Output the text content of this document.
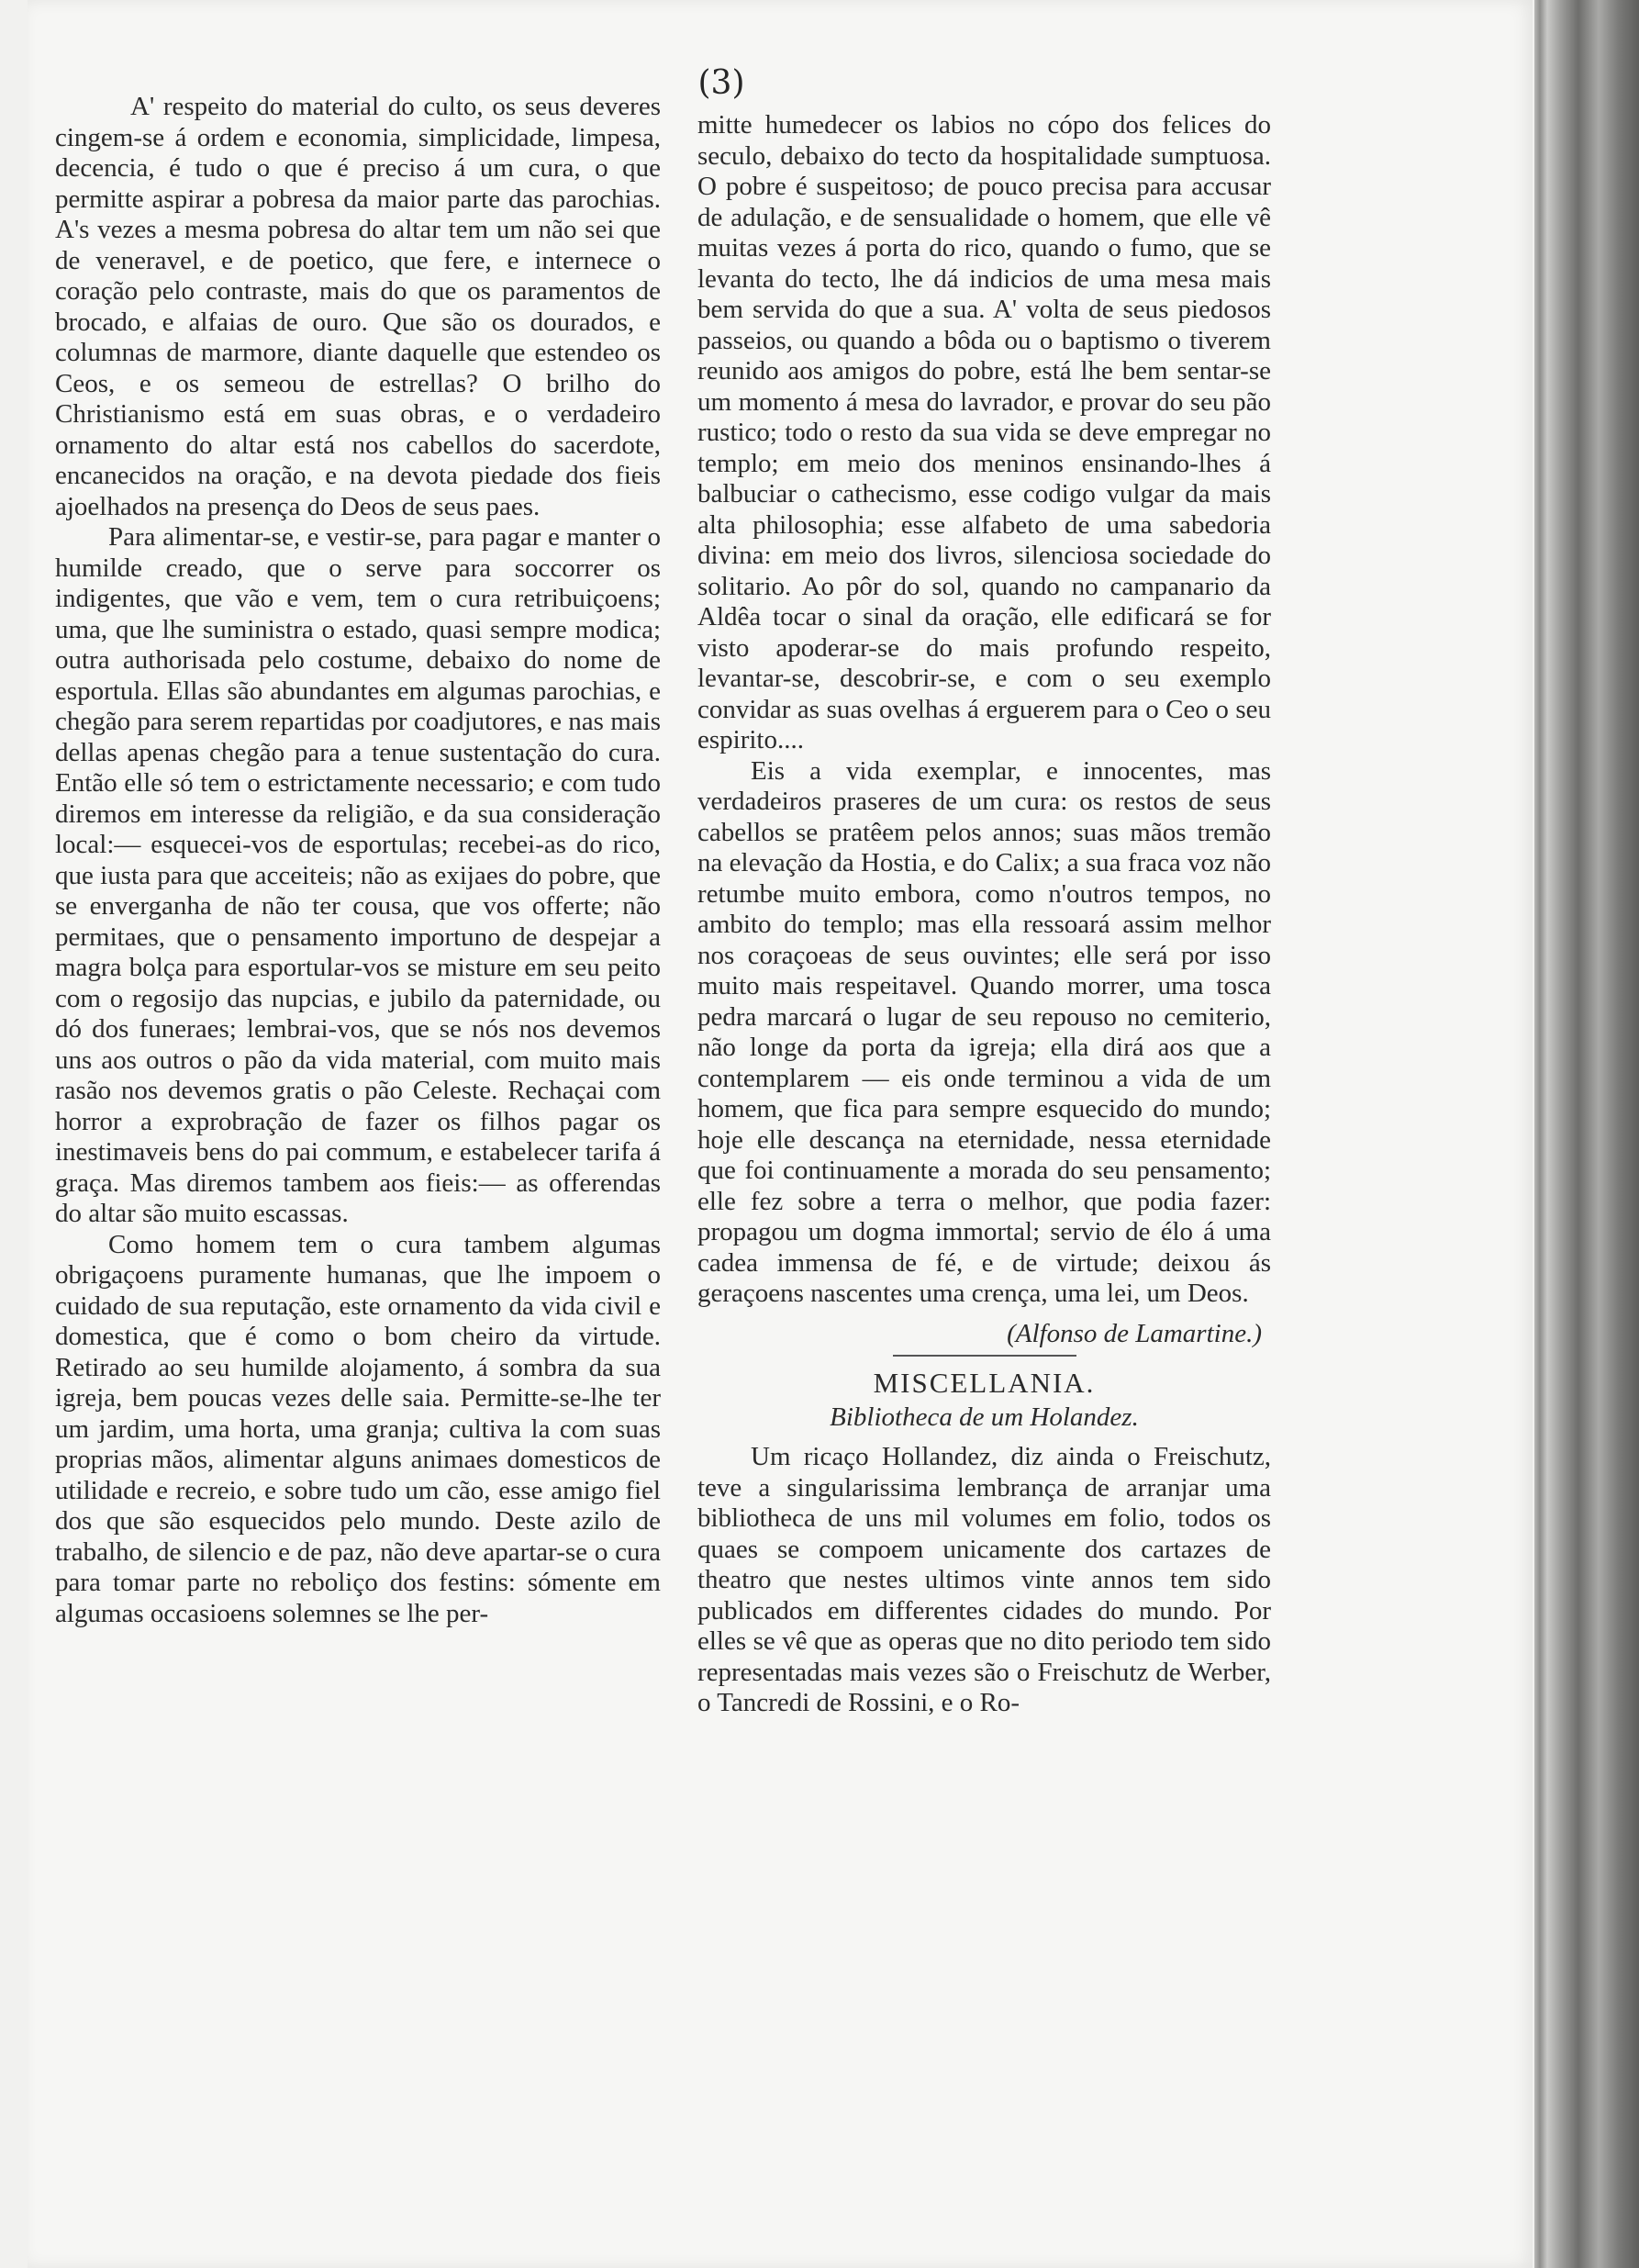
(3)

A' respeito do material do culto, os seus deveres cingem-se á ordem e economia, simplicidade, limpesa, decencia, é tudo o que é preciso á um cura, o que permitte aspirar a pobresa da maior parte das parochias. A's vezes a mesma pobresa do altar tem um não sei que de veneravel, e de poetico, que fere, e internece o coração pelo contraste, mais do que os paramentos de brocado, e alfaias de ouro. Que são os dourados, e columnas de marmore, diante daquelle que estendeo os Ceos, e os semeou de estrellas? O brilho do Christianismo está em suas obras, e o verdadeiro ornamento do altar está nos cabellos do sacerdote, encanecidos na oração, e na devota piedade dos fieis ajoelhados na presença do Deos de seus paes.

Para alimentar-se, e vestir-se, para pagar e manter o humilde creado, que o serve para soccorrer os indigentes, que vão e vem, tem o cura retribuiçoens; uma, que lhe suministra o estado, quasi sempre modica; outra authorisada pelo costume, debaixo do nome de esportula. Ellas são abundantes em algumas parochias, e chegão para serem repartidas por coadjutores, e nas mais dellas apenas chegão para a tenue sustentação do cura. Então elle só tem o estrictamente necessario; e com tudo diremos em interesse da religião, e da sua consideração local:— esquecei-vos de esportulas; recebei-as do rico, que iusta para que acceiteis; não as exijaes do pobre, que se enverganha de não ter cousa, que vos offerte; não permitaes, que o pensamento importuno de despejar a magra bolça para esportular-vos se misture em seu peito com o regosijo das nupcias, e jubilo da paternidade, ou dó dos funeraes; lembrai-vos, que se nós nos devemos uns aos outros o pão da vida material, com muito mais rasão nos devemos gratis o pão Celeste. Rechaçai com horror a exprobração de fazer os filhos pagar os inestimaveis bens do pai commum, e estabelecer tarifa á graça. Mas diremos tambem aos fieis:— as offerendas do altar são muito escassas.

Como homem tem o cura tambem algumas obrigaçoens puramente humanas, que lhe impoem o cuidado de sua reputação, este ornamento da vida civil e domestica, que é como o bom cheiro da virtude. Retirado ao seu humilde alojamento, á sombra da sua igreja, bem poucas vezes delle saia. Permitte-se-lhe ter um jardim, uma horta, uma granja; cultiva la com suas proprias mãos, alimentar alguns animaes domesticos de utilidade e recreio, e sobre tudo um cão, esse amigo fiel dos que são esquecidos pelo mundo. Deste azilo de trabalho, de silencio e de paz, não deve apartar-se o cura para tomar parte no reboliço dos festins: sómente em algumas occasioens solemnes se lhe per-

mitte humedecer os labios no cópo dos felices do seculo, debaixo do tecto da hospitalidade sumptuosa. O pobre é suspeitoso; de pouco precisa para accusar de adulação, e de sensualidade o homem, que elle vê muitas vezes á porta do rico, quando o fumo, que se levanta do tecto, lhe dá indicios de uma mesa mais bem servida do que a sua. A' volta de seus piedosos passeios, ou quando a bôda ou o baptismo o tiverem reunido aos amigos do pobre, está lhe bem sentar-se um momento á mesa do lavrador, e provar do seu pão rustico; todo o resto da sua vida se deve empregar no templo; em meio dos meninos ensinando-lhes á balbuciar o cathecismo, esse codigo vulgar da mais alta philosophia; esse alfabeto de uma sabedoria divina: em meio dos livros, silenciosa sociedade do solitario. Ao pôr do sol, quando no campanario da Aldêa tocar o sinal da oração, elle edificará se for visto apoderar-se do mais profundo respeito, levantar-se, descobrir-se, e com o seu exemplo convidar as suas ovelhas á erguerem para o Ceo o seu espirito....

Eis a vida exemplar, e innocentes, mas verdadeiros praseres de um cura: os restos de seus cabellos se pratêem pelos annos; suas mãos tremão na elevação da Hostia, e do Calix; a sua fraca voz não retumbe muito embora, como n'outros tempos, no ambito do templo; mas ella ressoará assim melhor nos coraçoeas de seus ouvintes; elle será por isso muito mais respeitavel. Quando morrer, uma tosca pedra marcará o lugar de seu repouso no cemiterio, não longe da porta da igreja; ella dirá aos que a contemplarem — eis onde terminou a vida de um homem, que fica para sempre esquecido do mundo; hoje elle descança na eternidade, nessa eternidade que foi continuamente a morada do seu pensamento; elle fez sobre a terra o melhor, que podia fazer: propagou um dogma immortal; servio de élo á uma cadea immensa de fé, e de virtude; deixou ás geraçoens nascentes uma crença, uma lei, um Deos.

(Alfonso de Lamartine.)
MISCELLANIA.
Bibliotheca de um Holandez.

Um ricaço Hollandez, diz ainda o Freischutz, teve a singularissima lembrança de arranjar uma bibliotheca de uns mil volumes em folio, todos os quaes se compoem unicamente dos cartazes de theatro que nestes ultimos vinte annos tem sido publicados em differentes cidades do mundo. Por elles se vê que as operas que no dito periodo tem sido representadas mais vezes são o Freischutz de Werber, o Tancredi de Rossini, e o Ro-
